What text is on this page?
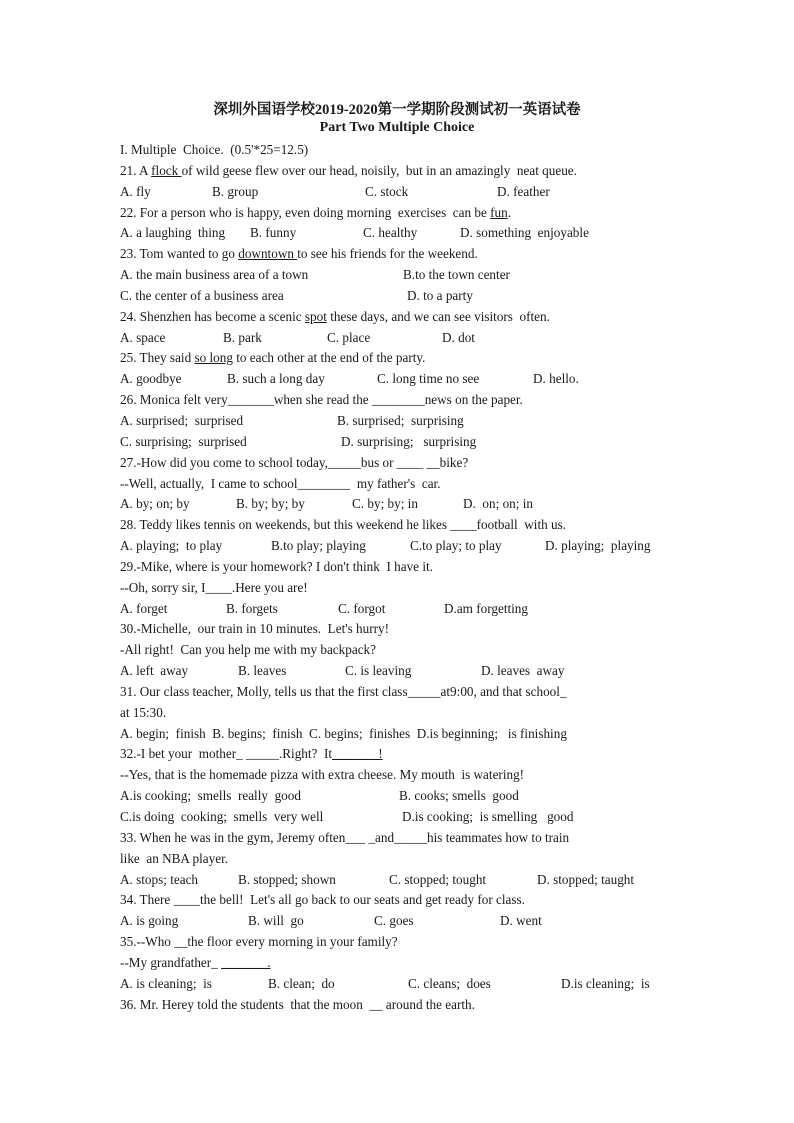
深圳外国语学校2019-2020第一学期阶段测试初一英语试卷
Part Two Multiple Choice
I. Multiple  Choice.  (0.5'*25=12.5)
21. A flock of wild geese flew over our head, noisily,  but in an amazingly  neat queue.
A. fly	B. group	C. stock	D. feather
22. For a person who is happy, even doing morning  exercises  can be fun.
A. a laughing  thing B. funny	C. healthy	D. something  enjoyable
23. Tom wanted to go downtown to see his friends for the weekend.
A. the main business area of a town	B.to the town center
C. the center of a business area	D. to a party
24. Shenzhen has become a scenic spot these days, and we can see visitors  often.
A. space	B. park	C. place	D. dot
25. They said so long to each other at the end of the party.
A. goodbye	B. such a long day	C. long time no see	D. hello.
26. Monica felt very_______when she read the ________news on the paper.
A. surprised;  surprised	B. surprised;  surprising
C. surprising;  surprised	D. surprising;   surprising
27.-How did you come to school today,_____bus or ____ __bike?
--Well, actually,  I came to school________  my father's  car.
A. by; on; by	B. by; by; by	C. by; by; in	D.  on; on; in
28. Teddy likes tennis on weekends, but this weekend he likes ____football  with us.
A. playing;  to play	B.to play; playing	C.to play; to play	D. playing;  playing
29.-Mike, where is your homework? I don't think  I have it.
--Oh, sorry sir, I____.Here you are!
A. forget	B. forgets	C. forgot	D.am forgetting
30.-Michelle,  our train in 10 minutes.  Let's hurry!
-All right!  Can you help me with my backpack?
A. left  away	B. leaves	C. is leaving	D. leaves  away
31. Our class teacher, Molly, tells us that the first class_____at9:00, and that school_
at 15:30.
A. begin;  finish  B. begins;  finish  C. begins;  finishes  D.is beginning;   is finishing
32.-I bet your  mother_ _____.Right?  It_______!
--Yes, that is the homemade pizza with extra cheese. My mouth  is watering!
A.is cooking;  smells  really  good	B. cooks; smells  good
C.is doing  cooking;  smells  very well	D.is cooking;  is smelling   good
33. When he was in the gym, Jeremy often___ _and_____his teammates how to train
like  an NBA player.
A. stops; teach	B. stopped; shown	C. stopped; tought	D. stopped; taught
34. There ____the bell!  Let's all go back to our seats and get ready for class.
A. is going	B. will  go	C. goes	D. went
35.--Who __the floor every morning in your family?
--My grandfather_ _______.
A. is cleaning;  is	B. clean;  do	C. cleans;  does	D.is cleaning;  is
36. Mr. Herey told the students  that the moon  __ around the earth.
